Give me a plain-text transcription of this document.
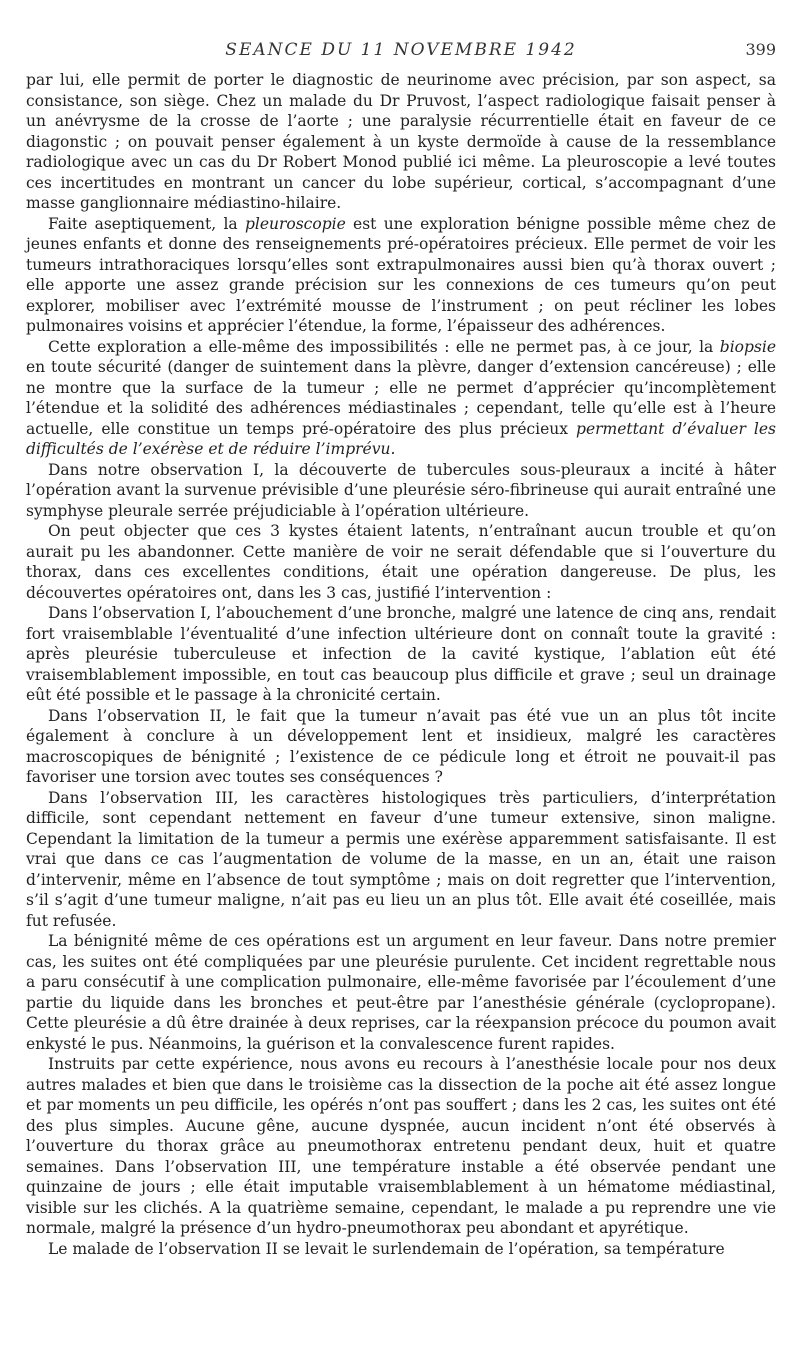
SEANCE DU 11 NOVEMBRE 1942	399

par lui, elle permit de porter le diagnostic de neurinome avec précision, par son aspect, sa consistance, son siège. Chez un malade du Dr Pruvost, l’aspect radiologique faisait penser à un anévrysme de la crosse de l’aorte ; une paralysie récurrentielle était en faveur de ce diagonstic ; on pouvait penser également à un kyste dermoïde à cause de la ressemblance radiologique avec un cas du Dr Robert Monod publié ici même. La pleuroscopie a levé toutes ces incertitudes en montrant un cancer du lobe supérieur, cortical, s’accompagnant d’une masse ganglionnaire médiastino-hilaire.

Faite aseptiquement, la pleuroscopie est une exploration bénigne possible même chez de jeunes enfants et donne des renseignements pré-opératoires précieux. Elle permet de voir les tumeurs intrathoraciques lorsqu’elles sont extrapulmonaires aussi bien qu’à thorax ouvert ; elle apporte une assez grande précision sur les connexions de ces tumeurs qu’on peut explorer, mobiliser avec l’extrémité mousse de l’instrument ; on peut récliner les lobes pulmonaires voisins et apprécier l’étendue, la forme, l’épaisseur des adhérences.

Cette exploration a elle-même des impossibilités : elle ne permet pas, à ce jour, la biopsie en toute sécurité (danger de suintement dans la plèvre, danger d’extension cancéreuse) ; elle ne montre que la surface de la tumeur ; elle ne permet d’apprécier qu’incomplètement l’étendue et la solidité des adhérences médiastinales ; cependant, telle qu’elle est à l’heure actuelle, elle constitue un temps pré-opératoire des plus précieux permettant d’évaluer les difficultés de l’exérèse et de réduire l’imprévu.

Dans notre observation I, la découverte de tubercules sous-pleuraux a incité à hâter l’opération avant la survenue prévisible d’une pleurésie séro-fibrineuse qui aurait entraîné une symphyse pleurale serrée préjudiciable à l’opération ultérieure.

On peut objecter que ces 3 kystes étaient latents, n’entraînant aucun trouble et qu’on aurait pu les abandonner. Cette manière de voir ne serait défendable que si l’ouverture du thorax, dans ces excellentes conditions, était une opération dangereuse. De plus, les découvertes opératoires ont, dans les 3 cas, justifié l’intervention :

Dans l’observation I, l’abouchement d’une bronche, malgré une latence de cinq ans, rendait fort vraisemblable l’éventualité d’une infection ultérieure dont on connaît toute la gravité : après pleurésie tuberculeuse et infection de la cavité kystique, l’ablation eût été vraisemblablement impossible, en tout cas beaucoup plus difficile et grave ; seul un drainage eût été possible et le passage à la chronicité certain.

Dans l’observation II, le fait que la tumeur n’avait pas été vue un an plus tôt incite également à conclure à un développement lent et insidieux, malgré les caractères macroscopiques de bénignité ; l’existence de ce pédicule long et étroit ne pouvait-il pas favoriser une torsion avec toutes ses conséquences ?

Dans l’observation III, les caractères histologiques très particuliers, d’interprétation difficile, sont cependant nettement en faveur d’une tumeur extensive, sinon maligne. Cependant la limitation de la tumeur a permis une exérèse apparemment satisfaisante. Il est vrai que dans ce cas l’augmentation de volume de la masse, en un an, était une raison d’intervenir, même en l’absence de tout symptôme ; mais on doit regretter que l’intervention, s’il s’agit d’une tumeur maligne, n’ait pas eu lieu un an plus tôt. Elle avait été coseillée, mais fut refusée.

La bénignité même de ces opérations est un argument en leur faveur. Dans notre premier cas, les suites ont été compliquées par une pleurésie purulente. Cet incident regrettable nous a paru consécutif à une complication pulmonaire, elle-même favorisée par l’écoulement d’une partie du liquide dans les bronches et peut-être par l’anesthésie générale (cyclopropane). Cette pleurésie a dû être drainée à deux reprises, car la réexpansion précoce du poumon avait enkysté le pus. Néanmoins, la guérison et la convalescence furent rapides.

Instruits par cette expérience, nous avons eu recours à l’anesthésie locale pour nos deux autres malades et bien que dans le troisième cas la dissection de la poche ait été assez longue et par moments un peu difficile, les opérés n’ont pas souffert ; dans les 2 cas, les suites ont été des plus simples. Aucune gêne, aucune dyspnée, aucun incident n’ont été observés à l’ouverture du thorax grâce au pneumothorax entretenu pendant deux, huit et quatre semaines. Dans l’observation III, une température instable a été observée pendant une quinzaine de jours ; elle était imputable vraisemblablement à un hématome médiastinal, visible sur les clichés. A la quatrième semaine, cependant, le malade a pu reprendre une vie normale, malgré la présence d’un hydro-pneumothorax peu abondant et apyrétique.

Le malade de l’observation II se levait le surlendemain de l’opération, sa température
